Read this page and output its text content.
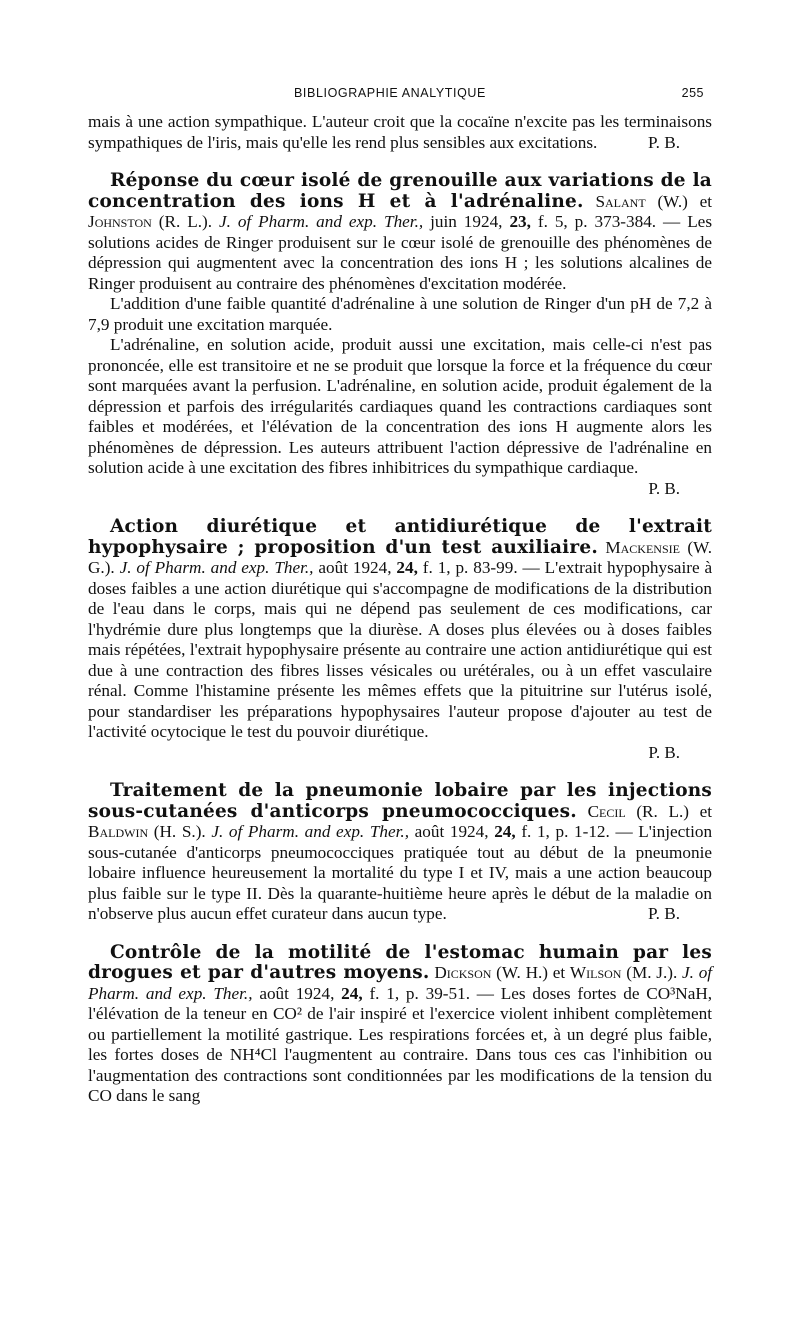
BIBLIOGRAPHIE ANALYTIQUE	255

mais à une action sympathique. L'auteur croit que la cocaïne n'excite pas les terminaisons sympathiques de l'iris, mais qu'elle les rend plus sensibles aux excitations.	P. B.

Réponse du cœur isolé de grenouille aux variations de la concentration des ions H et à l'adrénaline. Salant (W.) et Johnston (R. L.). J. of Pharm. and exp. Ther., juin 1924, 23, f. 5, p. 373-384. — Les solutions acides de Ringer produisent sur le cœur isolé de grenouille des phénomènes de dépression qui augmentent avec la concentration des ions H ; les solutions alcalines de Ringer produisent au contraire des phénomènes d'excitation modérée.

L'addition d'une faible quantité d'adrénaline à une solution de Ringer d'un pH de 7,2 à 7,9 produit une excitation marquée.

L'adrénaline, en solution acide, produit aussi une excitation, mais celle-ci n'est pas prononcée, elle est transitoire et ne se produit que lorsque la force et la fréquence du cœur sont marquées avant la perfusion. L'adrénaline, en solution acide, produit également de la dépression et parfois des irrégularités cardiaques quand les contractions cardiaques sont faibles et modérées, et l'élévation de la concentration des ions H augmente alors les phénomènes de dépression. Les auteurs attribuent l'action dépressive de l'adrénaline en solution acide à une excitation des fibres inhibitrices du sympathique cardiaque.

P. B.

Action diurétique et antidiurétique de l'extrait hypophysaire ; proposition d'un test auxiliaire. Mackensie (W. G.). J. of Pharm. and exp. Ther., août 1924, 24, f. 1, p. 83-99. — L'extrait hypophysaire à doses faibles a une action diurétique qui s'accompagne de modifications de la distribution de l'eau dans le corps, mais qui ne dépend pas seulement de ces modifications, car l'hydrémie dure plus longtemps que la diurèse. A doses plus élevées ou à doses faibles mais répétées, l'extrait hypophysaire présente au contraire une action antidiurétique qui est due à une contraction des fibres lisses vésicales ou urétérales, ou à un effet vasculaire rénal. Comme l'histamine présente les mêmes effets que la pituitrine sur l'utérus isolé, pour standardiser les préparations hypophysaires l'auteur propose d'ajouter au test de l'activité ocytocique le test du pouvoir diurétique.

P. B.

Traitement de la pneumonie lobaire par les injections sous-cutanées d'anticorps pneumococciques. Cecil (R. L.) et Baldwin (H. S.). J. of Pharm. and exp. Ther., août 1924, 24, f. 1, p. 1-12. — L'injection sous-cutanée d'anticorps pneumococciques pratiquée tout au début de la pneumonie lobaire influence heureusement la mortalité du type I et IV, mais a une action beaucoup plus faible sur le type II. Dès la quarante-huitième heure après le début de la maladie on n'observe plus aucun effet curateur dans aucun type.	P. B.

Contrôle de la motilité de l'estomac humain par les drogues et par d'autres moyens. Dickson (W. H.) et Wilson (M. J.). J. of Pharm. and exp. Ther., août 1924, 24, f. 1, p. 39-51. — Les doses fortes de CO³NaH, l'élévation de la teneur en CO² de l'air inspiré et l'exercice violent inhibent complètement ou partiellement la motilité gastrique. Les respirations forcées et, à un degré plus faible, les fortes doses de NH⁴Cl l'augmentent au contraire. Dans tous ces cas l'inhibition ou l'augmentation des contractions sont conditionnées par les modifications de la tension du CO dans le sang
